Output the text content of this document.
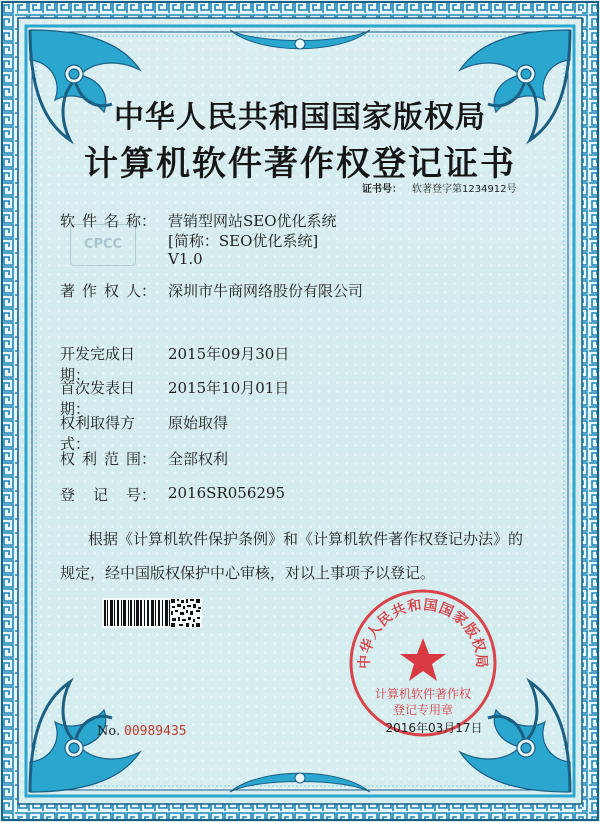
中华人民共和国国家版权局
计算机软件著作权登记证书
证书号： 软著登字第1234912号
CPCC
软 件 名 称： 营销型网站SEO优化系统
[简称：SEO优化系统]
V1.0
著 作 权 人： 深圳市牛商网络股份有限公司
开发完成日期：
2015年09月30日
首次发表日期：
2015年10月01日
权利取得方式：
原始取得
权 利 范 围： 全部权利
登 记 号： 2016SR056295
根据《计算机软件保护条例》和《计算机软件著作权登记办法》的
规定，经中国版权保护中心审核，对以上事项予以登记。
No. 00989435
中华人民共和国国家版权局
计算机软件著作权
登记专用章
2016年03月17日
